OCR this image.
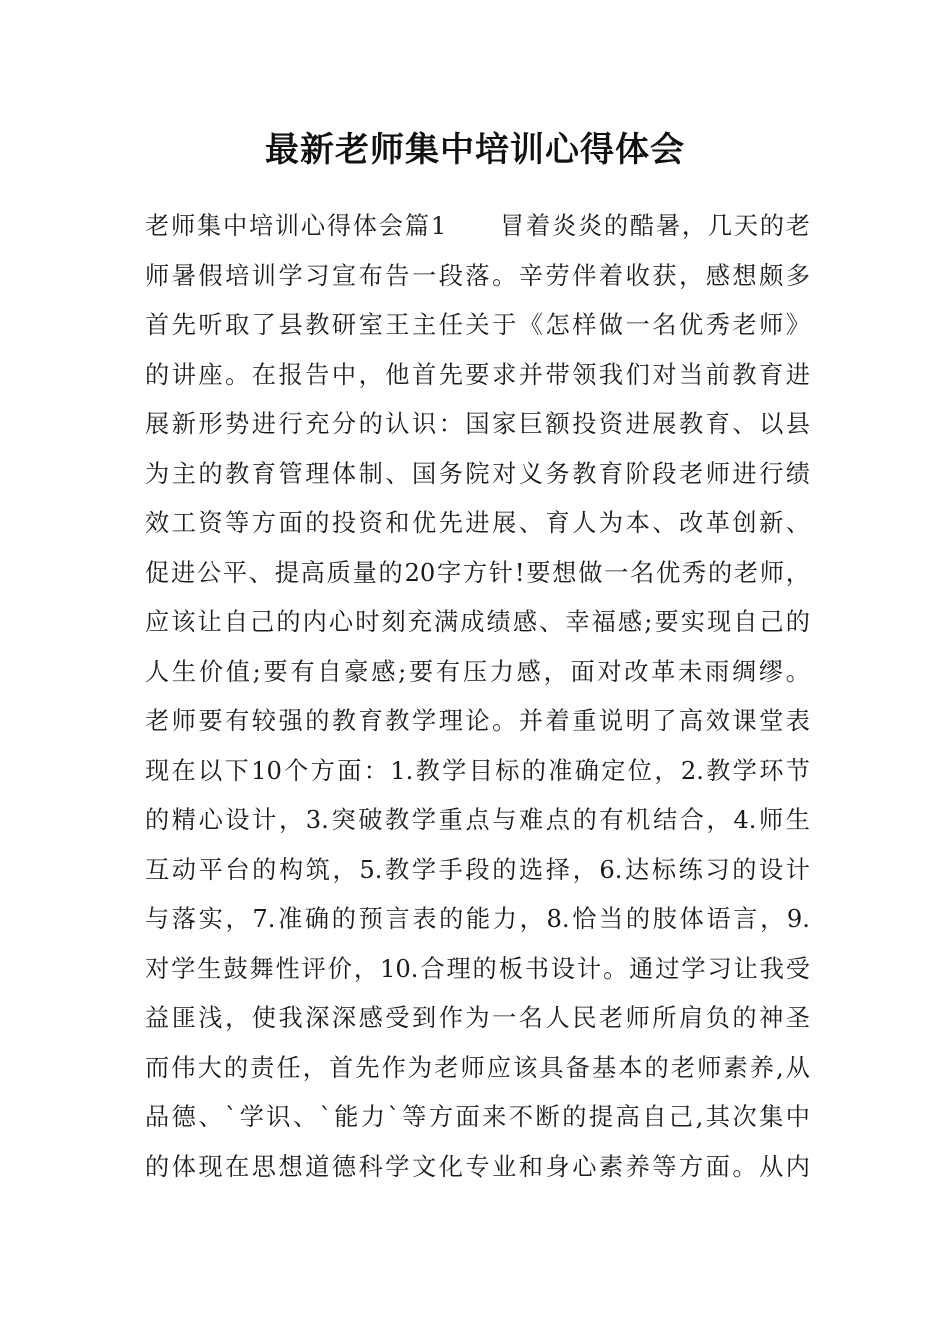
最新老师集中培训心得体会
老师集中培训心得体会篇1　　冒着炎炎的酷暑，几天的老
师暑假培训学习宣布告一段落。辛劳伴着收获，感想颇多
首先听取了县教研室王主任关于《怎样做一名优秀老师》
的讲座。在报告中，他首先要求并带领我们对当前教育进
展新形势进行充分的认识：国家巨额投资进展教育、以县
为主的教育管理体制、国务院对义务教育阶段老师进行绩
效工资等方面的投资和优先进展、育人为本、改革创新、
促进公平、提高质量的20字方针!要想做一名优秀的老师，
应该让自己的内心时刻充满成绩感、幸福感;要实现自己的
人生价值;要有自豪感;要有压力感，面对改革未雨绸缪。
老师要有较强的教育教学理论。并着重说明了高效课堂表
现在以下10个方面：1.教学目标的准确定位，2.教学环节
的精心设计，3.突破教学重点与难点的有机结合，4.师生
互动平台的构筑，5.教学手段的选择，6.达标练习的设计
与落实，7.准确的预言表的能力，8.恰当的肢体语言，9.
对学生鼓舞性评价，10.合理的板书设计。通过学习让我受
益匪浅，使我深深感受到作为一名人民老师所肩负的神圣
而伟大的责任，首先作为老师应该具备基本的老师素养,从
品德、`学识、`能力`等方面来不断的提高自己,其次集中
的体现在思想道德科学文化专业和身心素养等方面。从内
